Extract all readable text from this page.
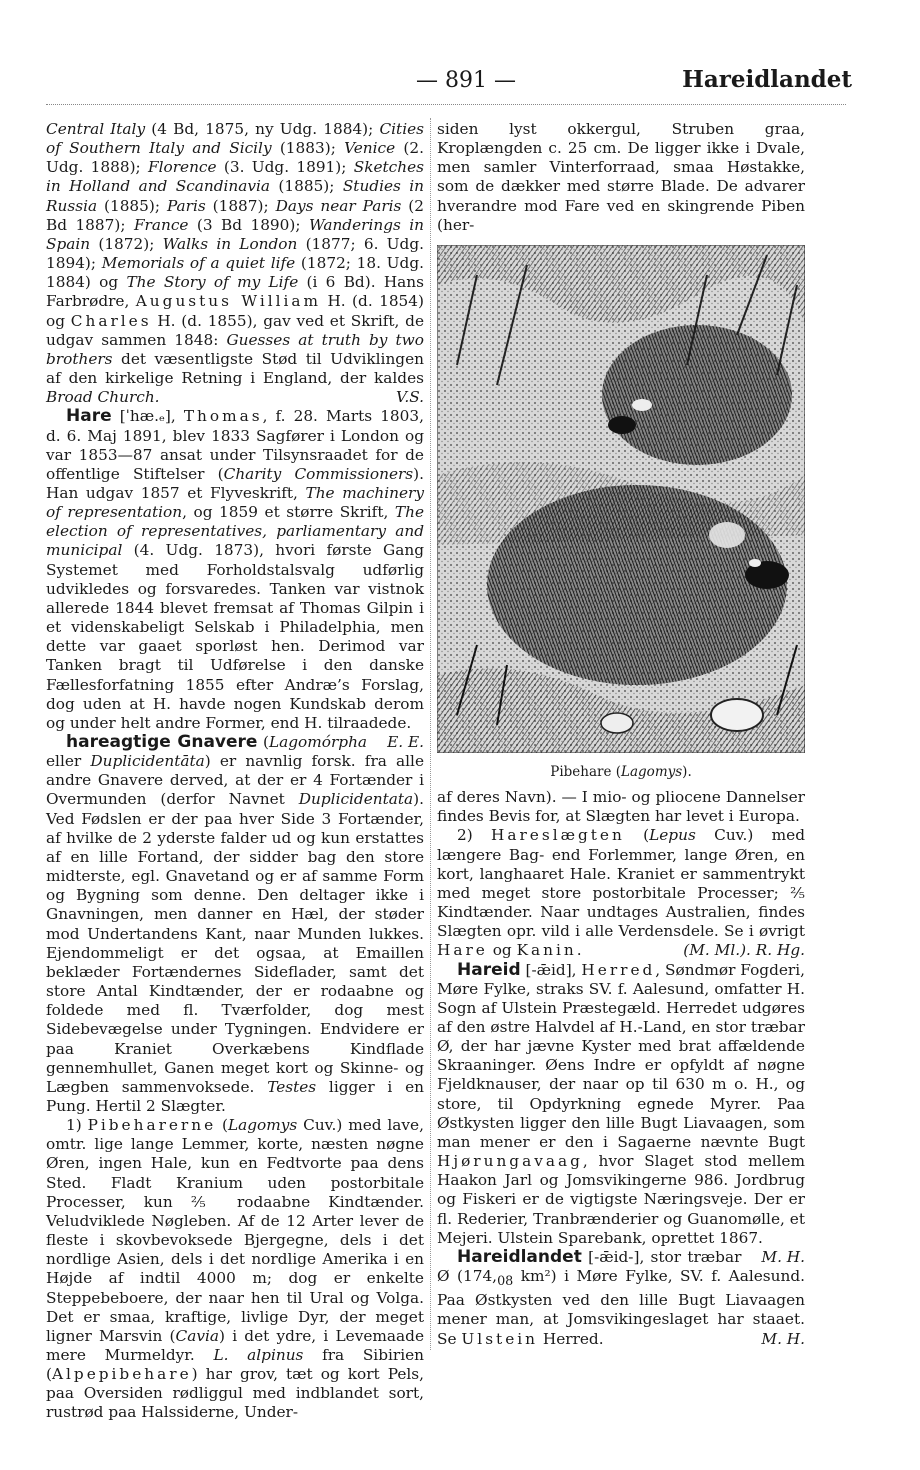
— 891 —	Hareidlandet

Central Italy (4 Bd, 1875, ny Udg. 1884); Cities of Southern Italy and Sicily (1883); Venice (2. Udg. 1888); Florence (3. Udg. 1891); Sketches in Holland and Scandinavia (1885); Studies in Russia (1885); Paris (1887); Days near Paris (2 Bd 1887); France (3 Bd 1890); Wanderings in Spain (1872); Walks in London (1877; 6. Udg. 1894); Memorials of a quiet life (1872; 18. Udg. 1884) og The Story of my Life (i 6 Bd). Hans Farbrødre, Augustus William H. (d. 1854) og Charles H. (d. 1855), gav ved et Skrift, de udgav sammen 1848: Guesses at truth by two brothers det væsentligste Stød til Udviklingen af den kirkelige Retning i England, der kaldes Broad Church.	V.S.

Hare [ˈhæ.ₑ], Thomas, f. 28. Marts 1803, d. 6. Maj 1891, blev 1833 Sagfører i London og var 1853—87 ansat under Tilsynsraadet for de offentlige Stiftelser (Charity Commissioners). Han udgav 1857 et Flyveskrift, The machinery of representation, og 1859 et større Skrift, The election of representatives, parliamentary and municipal (4. Udg. 1873), hvori første Gang Systemet med Forholdstalsvalg udførlig udvikledes og forsvaredes. Tanken var vistnok allerede 1844 blevet fremsat af Thomas Gilpin i et videnskabeligt Selskab i Philadelphia, men dette var gaaet sporløst hen. Derimod var Tanken bragt til Udførelse i den danske Fællesforfatning 1855 efter Andræ’s Forslag, dog uden at H. havde nogen Kundskab derom og under helt andre Former, end H. tilraadede.
E. E.

hareagtige Gnavere (Lagomórpha eller Duplicidentāta) er navnlig forsk. fra alle andre Gnavere derved, at der er 4 Fortænder i Overmunden (derfor Navnet Duplicidentata). Ved Fødslen er der paa hver Side 3 Fortænder, af hvilke de 2 yderste falder ud og kun erstattes af en lille Fortand, der sidder bag den store midterste, egl. Gnavetand og er af samme Form og Bygning som denne. Den deltager ikke i Gnavningen, men danner en Hæl, der støder mod Undertandens Kant, naar Munden lukkes. Ejendommeligt er det ogsaa, at Emaillen beklæder Fortændernes Sideflader, samt det store Antal Kindtænder, der er rodaabne og foldede med fl. Tværfolder, dog mest Sidebevægelse under Tygningen. Endvidere er paa Kraniet Overkæbens Kindflade gennemhullet, Ganen meget kort og Skinne- og Lægben sammenvoksede. Testes ligger i en Pung. Hertil 2 Slægter.

1) Pibeharerne (Lagomys Cuv.) med lave, omtr. lige lange Lemmer, korte, næsten nøgne Øren, ingen Hale, kun en Fedtvorte paa dens Sted. Fladt Kranium uden postorbitale Processer, kun ⅖ rodaabne Kindtænder. Veludviklede Nøgleben. Af de 12 Arter lever de fleste i skovbevoksede Bjergegne, dels i det nordlige Asien, dels i det nordlige Amerika i en Højde af indtil 4000 m; dog er enkelte Steppebeboere, der naar hen til Ural og Volga. Det er smaa, kraftige, livlige Dyr, der meget ligner Marsvin (Cavia) i det ydre, i Levemaade mere Murmeldyr. L. alpinus fra Sibirien (Alpepibehare) har grov, tæt og kort Pels, paa Oversiden rødliggul med indblandet sort, rustrød paa Halssiderne, Under-

siden lyst okkergul, Struben graa, Kroplængden c. 25 cm. De ligger ikke i Dvale, men samler Vinterforraad, smaa Høstakke, som de dækker med større Blade. De advarer hverandre mod Fare ved en skingrende Piben (her-

Pibehare (Lagomys).

af deres Navn). — I mio- og pliocene Dannelser findes Bevis for, at Slægten har levet i Europa.

2) Hareslægten (Lepus Cuv.) med længere Bag- end Forlemmer, lange Øren, en kort, langhaaret Hale. Kraniet er sammentrykt med meget store postorbitale Processer; ⅖ Kindtænder. Naar undtages Australien, findes Slægten opr. vild i alle Verdensdele. Se i øvrigt Hare og Kanin.	(M. Ml.). R. Hg.

Hareid [-ǣid], Herred, Søndmør Fogderi, Møre Fylke, straks SV. f. Aalesund, omfatter H. Sogn af Ulstein Præstegæld. Herredet udgøres af den østre Halvdel af H.-Land, en stor træbar Ø, der har jævne Kyster med brat affældende Skraaninger. Øens Indre er opfyldt af nøgne Fjeldknauser, der naar op til 630 m o. H., og store, til Opdyrkning egnede Myrer. Paa Østkysten ligger den lille Bugt Liavaagen, som man mener er den i Sagaerne nævnte Bugt Hjørungavaag, hvor Slaget stod mellem Haakon Jarl og Jomsvikingerne 986. Jordbrug og Fiskeri er de vigtigste Næringsveje. Der er fl. Rederier, Tranbrænderier og Guanomølle, et Mejeri. Ulstein Sparebank, oprettet 1867.
M. H.

Hareidlandet [-ǣid-], stor træbar Ø ($174,_{08}$ km²) i Møre Fylke, SV. f. Aalesund. Paa Østkysten ved den lille Bugt Liavaagen mener man, at Jomsvikingeslaget har staaet. Se Ulstein Herred.	M. H.
